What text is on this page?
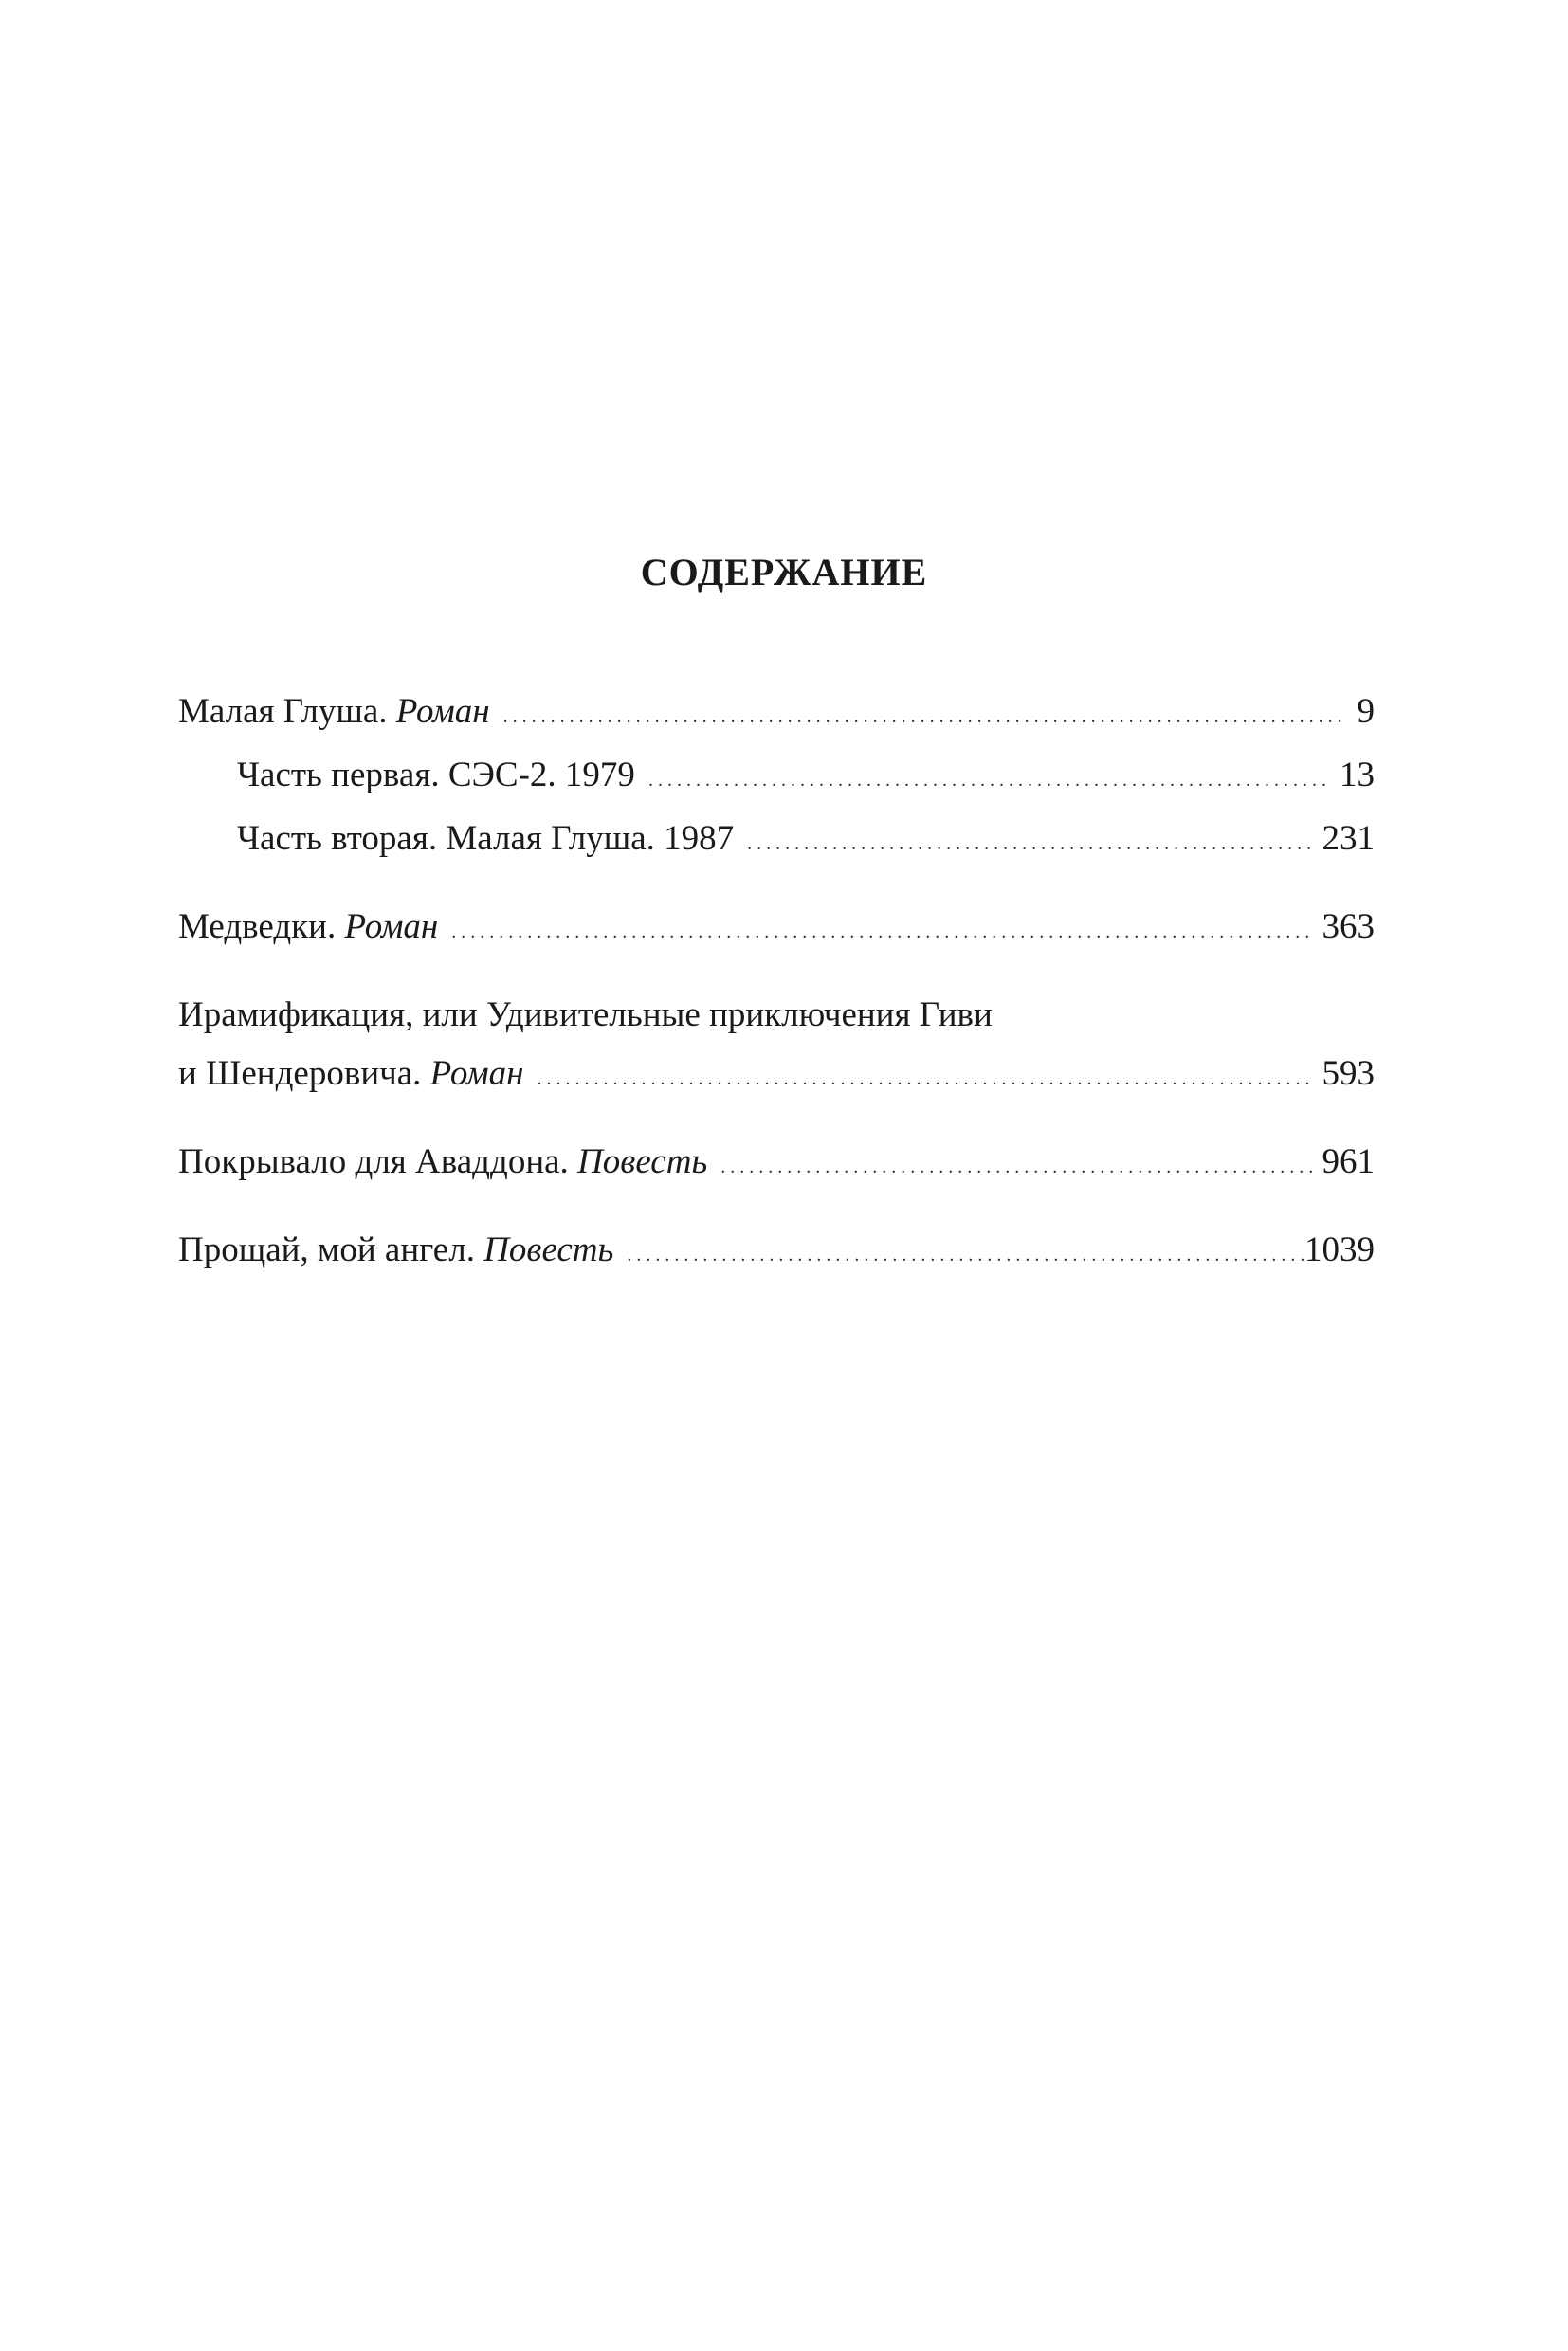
СОДЕРЖАНИЕ
Малая Глуша. Роман . . .	9
Часть первая. СЭС-2. 1979 . . .	13
Часть вторая. Малая Глуша. 1987 . . .	231
Медведки. Роман . . .	363
Ирамификация, или Удивительные приключения Гиви
и Шендеровича. Роман . . .	593
Покрывало для Аваддона. Повесть . . .	961
Прощай, мой ангел. Повесть . . .	1039
